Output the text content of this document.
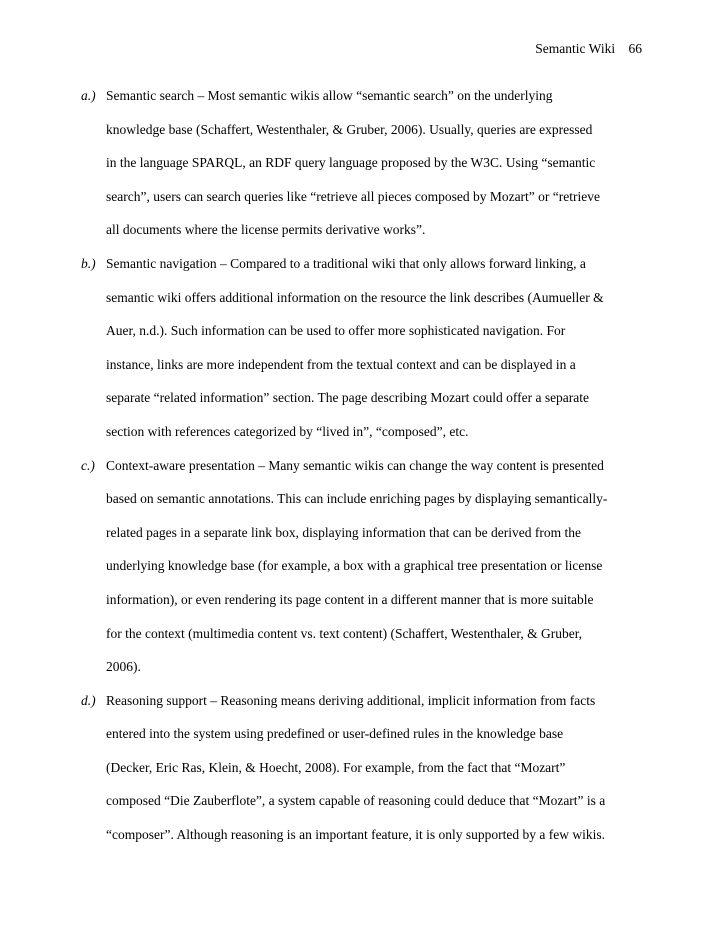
Semantic Wiki 66
a.) Semantic search – Most semantic wikis allow “semantic search” on the underlying
knowledge base (Schaffert, Westenthaler, & Gruber, 2006). Usually, queries are expressed
in the language SPARQL, an RDF query language proposed by the W3C. Using “semantic
search”, users can search queries like “retrieve all pieces composed by Mozart” or “retrieve
all documents where the license permits derivative works”.
b.) Semantic navigation – Compared to a traditional wiki that only allows forward linking, a
semantic wiki offers additional information on the resource the link describes (Aumueller &
Auer, n.d.). Such information can be used to offer more sophisticated navigation. For
instance, links are more independent from the textual context and can be displayed in a
separate “related information” section. The page describing Mozart could offer a separate
section with references categorized by “lived in”, “composed”, etc.
c.) Context-aware presentation – Many semantic wikis can change the way content is presented
based on semantic annotations. This can include enriching pages by displaying semantically-
related pages in a separate link box, displaying information that can be derived from the
underlying knowledge base (for example, a box with a graphical tree presentation or license
information), or even rendering its page content in a different manner that is more suitable
for the context (multimedia content vs. text content) (Schaffert, Westenthaler, & Gruber,
2006).
d.) Reasoning support – Reasoning means deriving additional, implicit information from facts
entered into the system using predefined or user-defined rules in the knowledge base
(Decker, Eric Ras, Klein, & Hoecht, 2008). For example, from the fact that “Mozart”
composed “Die Zauberflote”, a system capable of reasoning could deduce that “Mozart” is a
“composer”. Although reasoning is an important feature, it is only supported by a few wikis.
